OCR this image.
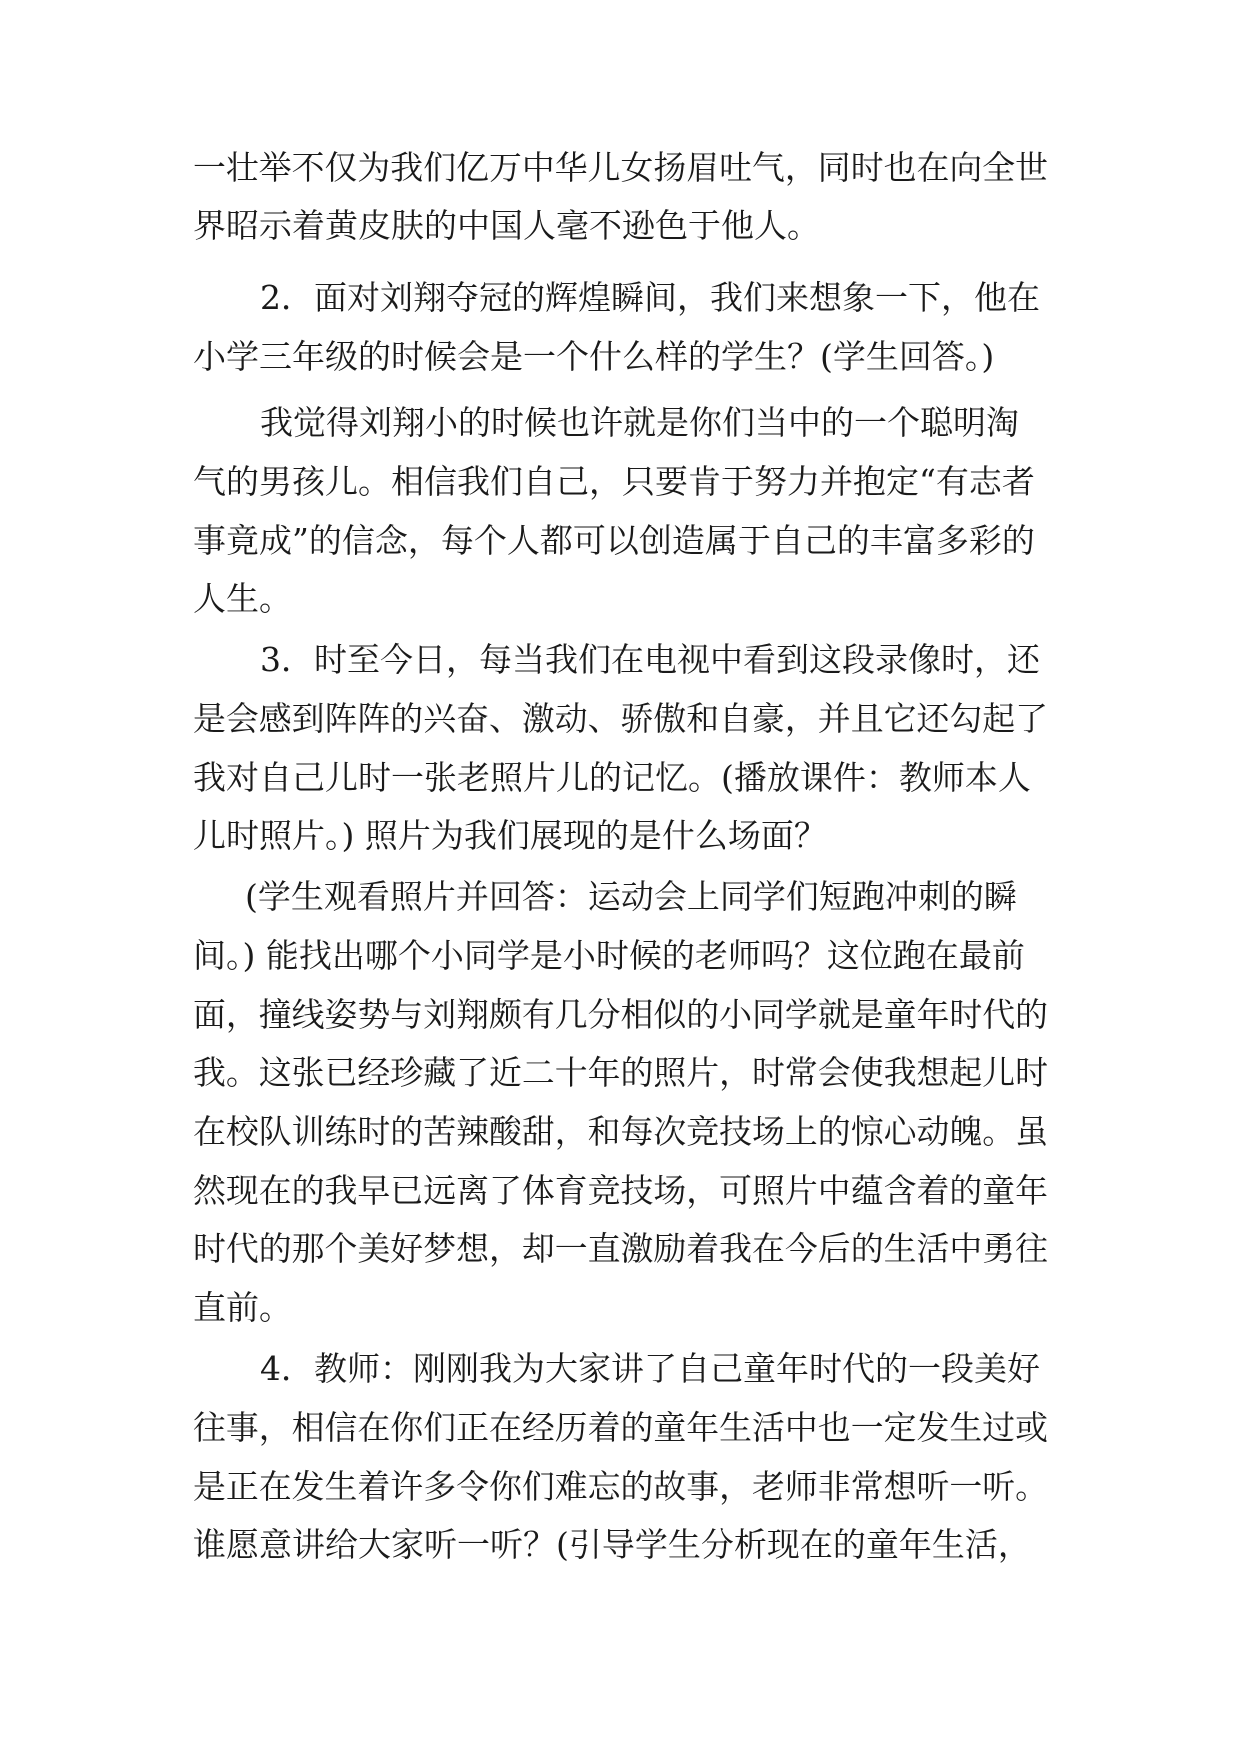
一壮举不仅为我们亿万中华儿女扬眉吐气，同时也在向全世
界昭示着黄皮肤的中国人毫不逊色于他人。
2．面对刘翔夺冠的辉煌瞬间，我们来想象一下，他在
小学三年级的时候会是一个什么样的学生？(学生回答。)
我觉得刘翔小的时候也许就是你们当中的一个聪明淘
气的男孩儿。相信我们自己，只要肯于努力并抱定“有志者
事竟成”的信念，每个人都可以创造属于自己的丰富多彩的
人生。
3．时至今日，每当我们在电视中看到这段录像时，还
是会感到阵阵的兴奋、激动、骄傲和自豪，并且它还勾起了
我对自己儿时一张老照片儿的记忆。(播放课件：教师本人
儿时照片。) 照片为我们展现的是什么场面？
(学生观看照片并回答：运动会上同学们短跑冲刺的瞬
间。) 能找出哪个小同学是小时候的老师吗？这位跑在最前
面，撞线姿势与刘翔颇有几分相似的小同学就是童年时代的
我。这张已经珍藏了近二十年的照片，时常会使我想起儿时
在校队训练时的苦辣酸甜，和每次竞技场上的惊心动魄。虽
然现在的我早已远离了体育竞技场，可照片中蕴含着的童年
时代的那个美好梦想，却一直激励着我在今后的生活中勇往
直前。
4．教师：刚刚我为大家讲了自己童年时代的一段美好
往事，相信在你们正在经历着的童年生活中也一定发生过或
是正在发生着许多令你们难忘的故事，老师非常想听一听。
谁愿意讲给大家听一听？(引导学生分析现在的童年生活，
